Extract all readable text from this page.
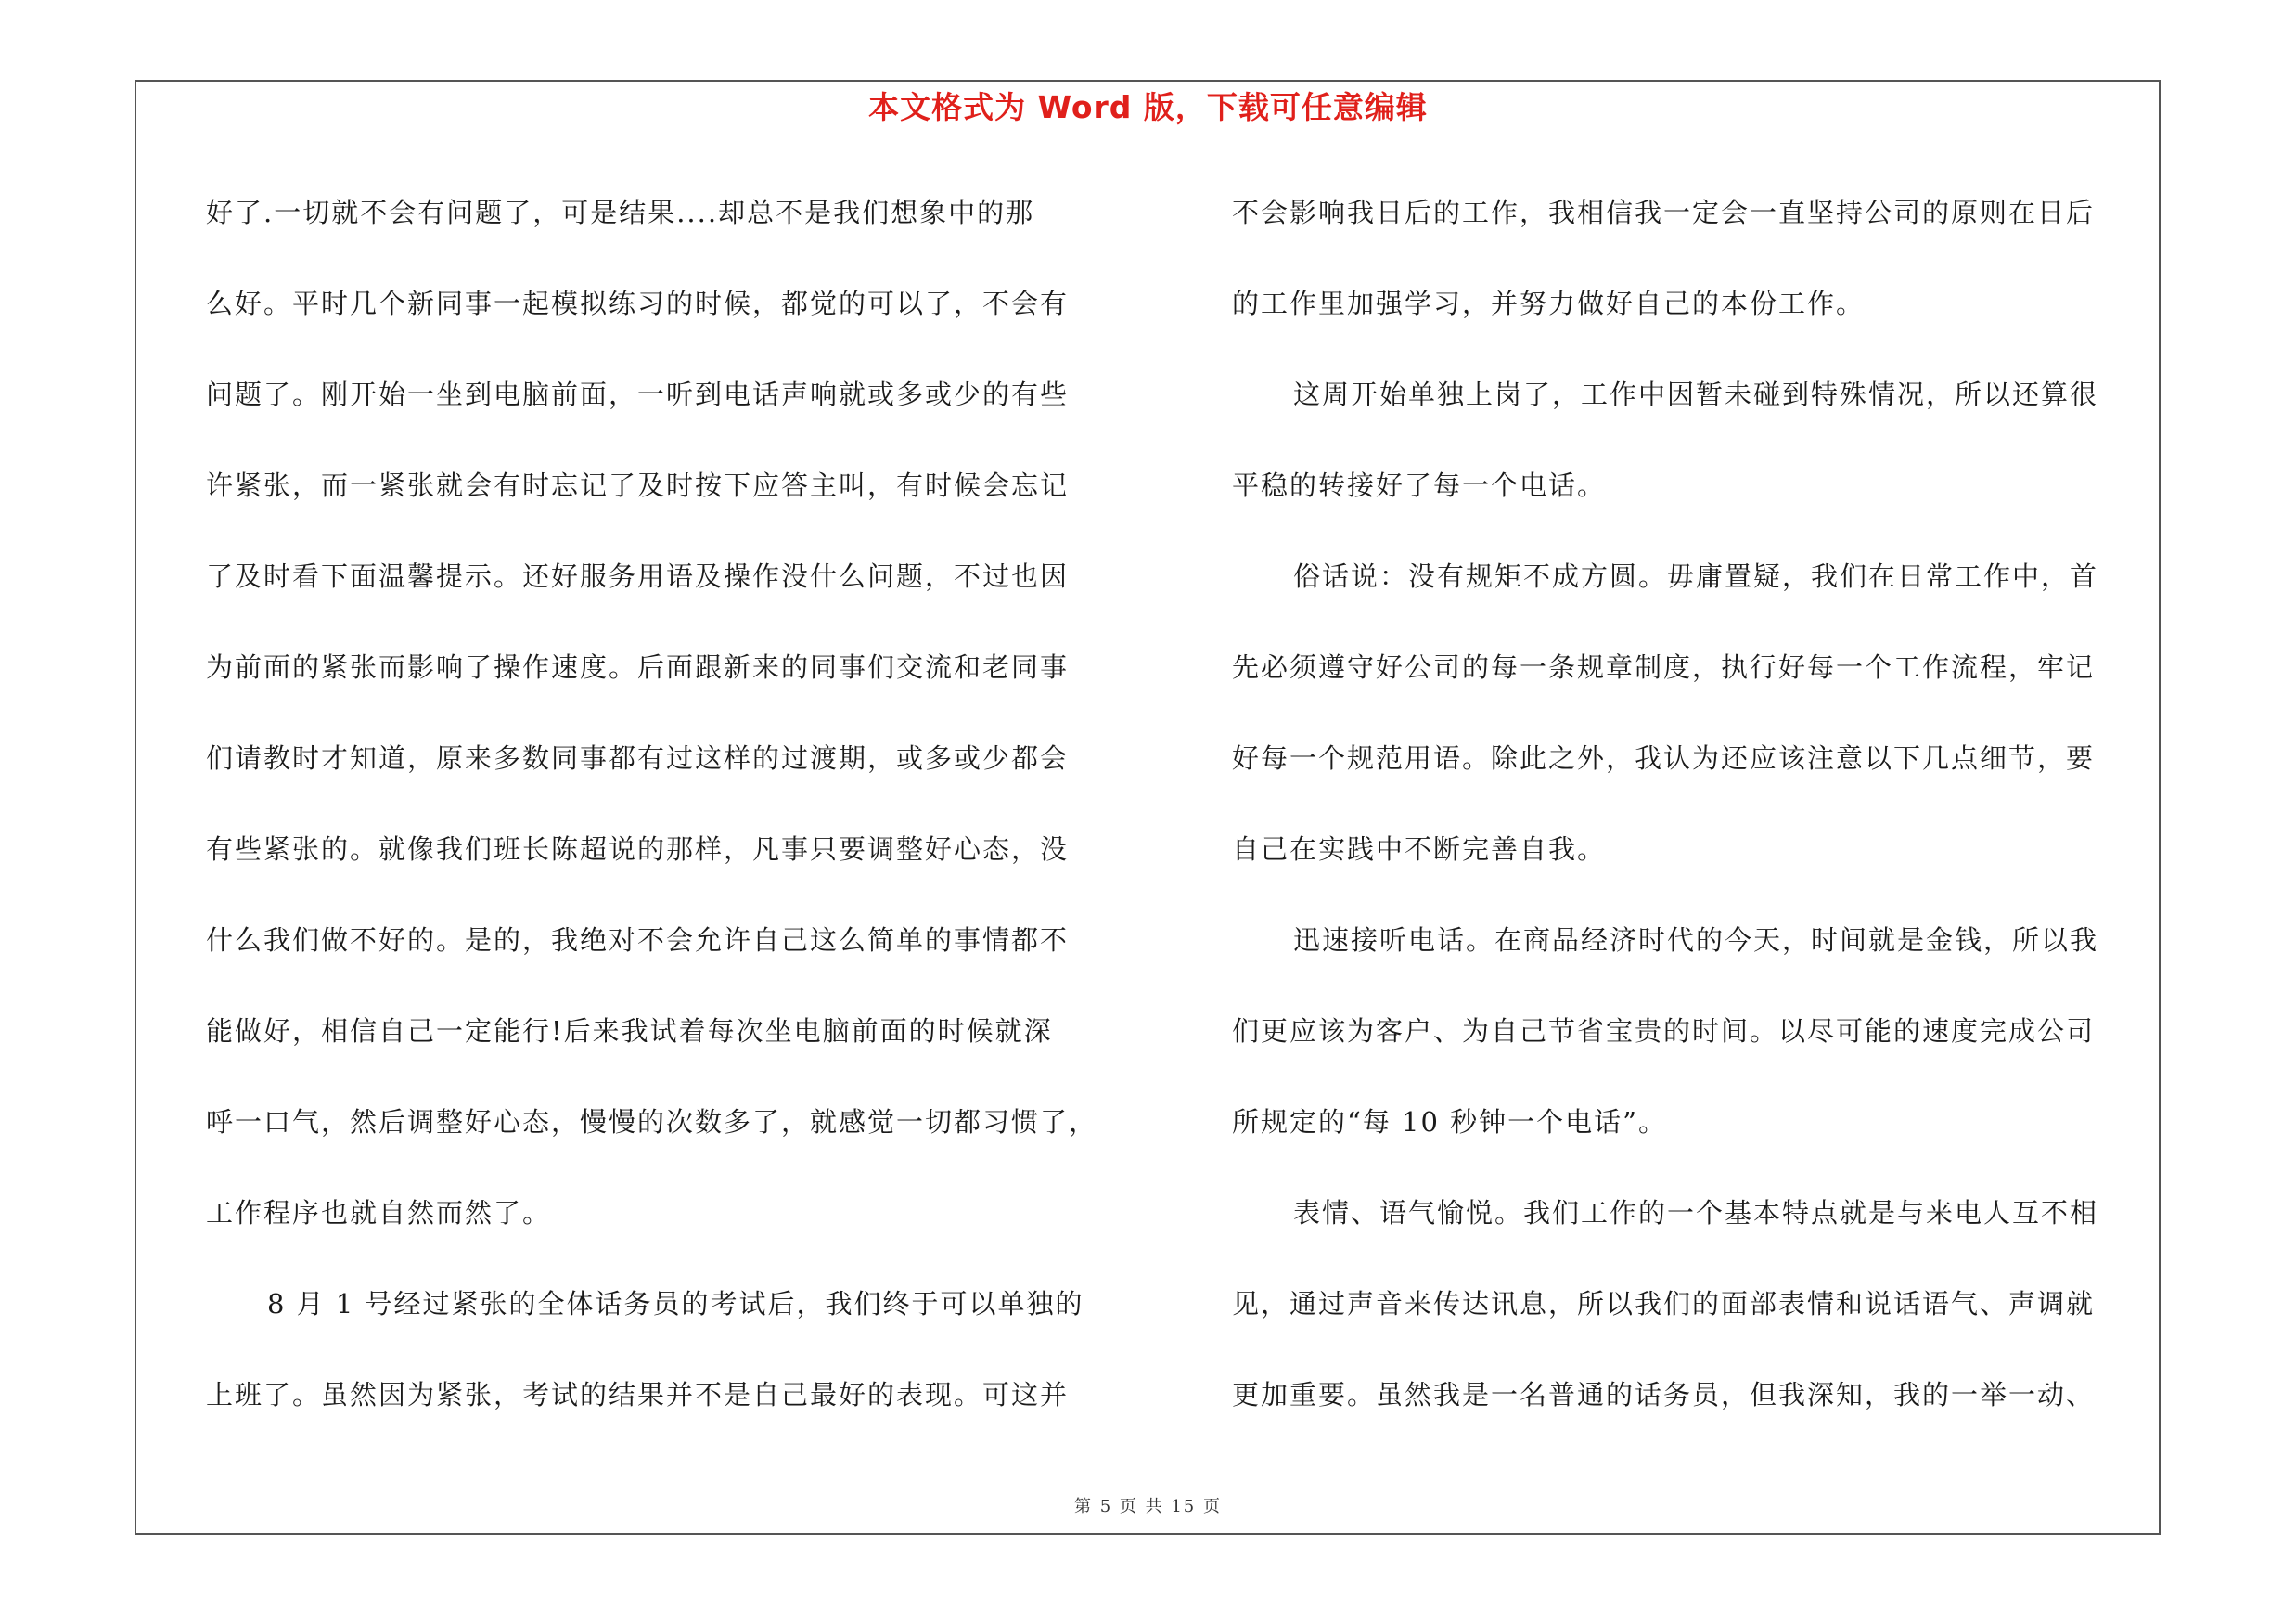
本文格式为 Word 版，下载可任意编辑
好了.一切就不会有问题了，可是结果....却总不是我们想象中的那
么好。平时几个新同事一起模拟练习的时候，都觉的可以了，不会有
问题了。刚开始一坐到电脑前面，一听到电话声响就或多或少的有些
许紧张，而一紧张就会有时忘记了及时按下应答主叫，有时候会忘记
了及时看下面温馨提示。还好服务用语及操作没什么问题，不过也因
为前面的紧张而影响了操作速度。后面跟新来的同事们交流和老同事
们请教时才知道，原来多数同事都有过这样的过渡期，或多或少都会
有些紧张的。就像我们班长陈超说的那样，凡事只要调整好心态，没
什么我们做不好的。是的，我绝对不会允许自己这么简单的事情都不
能做好，相信自己一定能行!后来我试着每次坐电脑前面的时候就深
呼一口气，然后调整好心态，慢慢的次数多了，就感觉一切都习惯了，
工作程序也就自然而然了。
8 月 1 号经过紧张的全体话务员的考试后，我们终于可以单独的
上班了。虽然因为紧张，考试的结果并不是自己最好的表现。可这并
不会影响我日后的工作，我相信我一定会一直坚持公司的原则在日后
的工作里加强学习，并努力做好自己的本份工作。
这周开始单独上岗了，工作中因暂未碰到特殊情况，所以还算很
平稳的转接好了每一个电话。
俗话说：没有规矩不成方圆。毋庸置疑，我们在日常工作中，首
先必须遵守好公司的每一条规章制度，执行好每一个工作流程，牢记
好每一个规范用语。除此之外，我认为还应该注意以下几点细节，要
自己在实践中不断完善自我。
迅速接听电话。在商品经济时代的今天，时间就是金钱，所以我
们更应该为客户、为自己节省宝贵的时间。以尽可能的速度完成公司
所规定的“每 10 秒钟一个电话”。
表情、语气愉悦。我们工作的一个基本特点就是与来电人互不相
见，通过声音来传达讯息，所以我们的面部表情和说话语气、声调就
更加重要。虽然我是一名普通的话务员，但我深知，我的一举一动、
第 5 页 共 15 页
